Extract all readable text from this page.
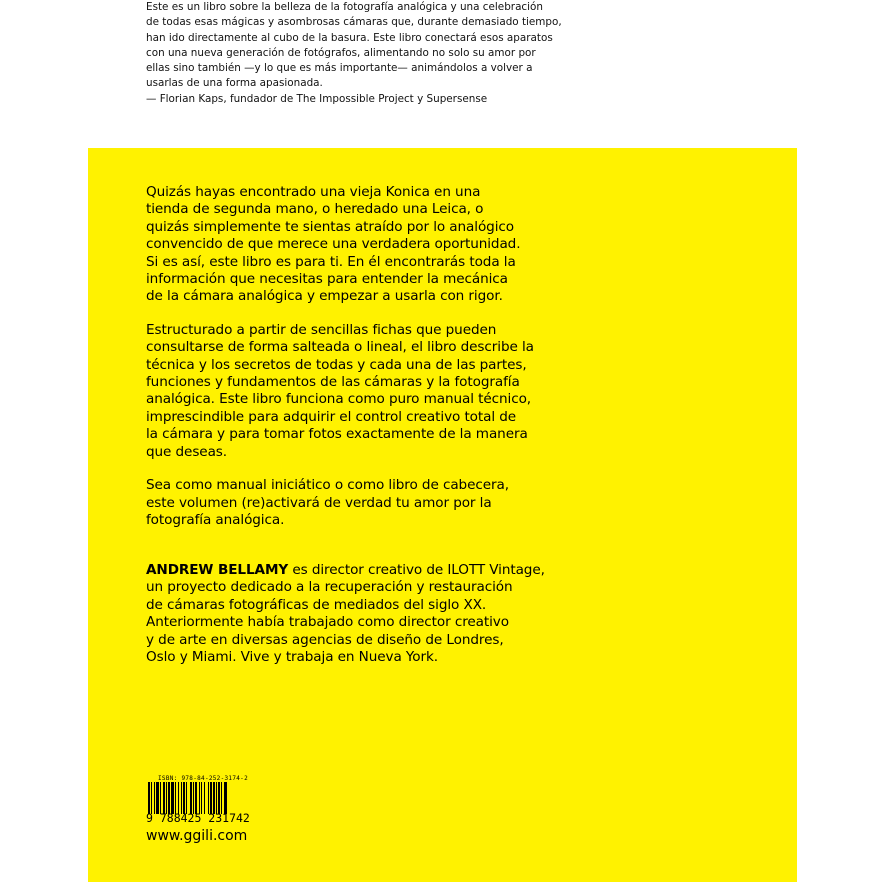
Este es un libro sobre la belleza de la fotografía analógica y una celebración

de todas esas mágicas y asombrosas cámaras que, durante demasiado tiempo,

han ido directamente al cubo de la basura. Este libro conectará esos aparatos

con una nueva generación de fotógrafos, alimentando no solo su amor por

ellas sino también —y lo que es más importante— animándolos a volver a

usarlas de una forma apasionada.

— Florian Kaps, fundador de The Impossible Project y Supersense

Quizás hayas encontrado una vieja Konica en una
tienda de segunda mano, o heredado una Leica, o
quizás simplemente te sientas atraído por lo analógico
convencido de que merece una verdadera oportunidad.
Si es así, este libro es para ti. En él encontrarás toda la
información que necesitas para entender la mecánica
de la cámara analógica y empezar a usarla con rigor.

Estructurado a partir de sencillas fichas que pueden
consultarse de forma salteada o lineal, el libro describe la
técnica y los secretos de todas y cada una de las partes,
funciones y fundamentos de las cámaras y la fotografía
analógica. Este libro funciona como puro manual técnico,
imprescindible para adquirir el control creativo total de
la cámara y para tomar fotos exactamente de la manera
que deseas.

Sea como manual iniciático o como libro de cabecera,
este volumen (re)activará de verdad tu amor por la
fotografía analógica.

ANDREW BELLAMY es director creativo de ILOTT Vintage,
un proyecto dedicado a la recuperación y restauración
de cámaras fotográficas de mediados del siglo XX.
Anteriormente había trabajado como director creativo
y de arte en diversas agencias de diseño de Londres,
Oslo y Miami. Vive y trabaja en Nueva York.
ISBN: 978-84-252-3174-2
9 788425 231742
www.ggili.com
